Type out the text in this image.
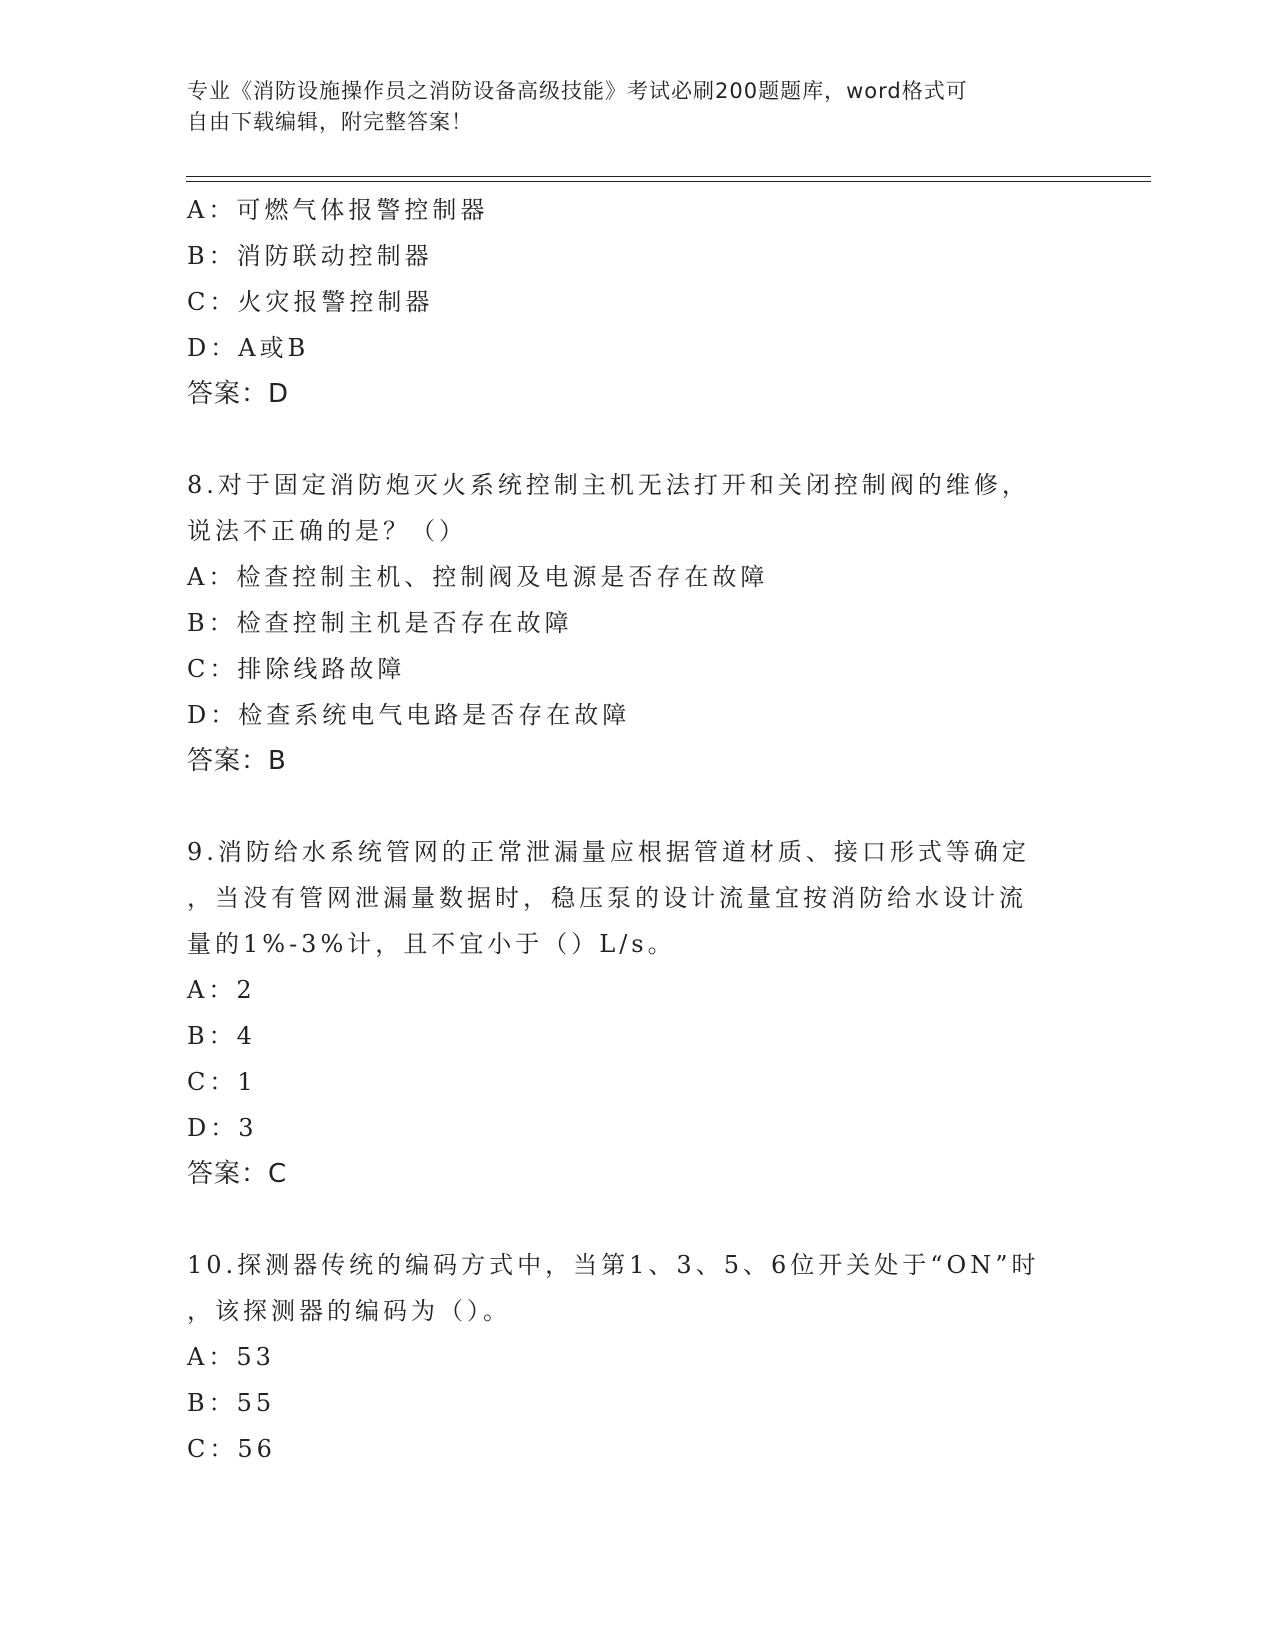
专业《消防设施操作员之消防设备高级技能》考试必刷200题题库，word格式可
自由下载编辑，附完整答案！
A：可燃气体报警控制器
B：消防联动控制器
C：火灾报警控制器
D：A或B
答案：D
8.对于固定消防炮灭火系统控制主机无法打开和关闭控制阀的维修，
说法不正确的是？（）
A：检查控制主机、控制阀及电源是否存在故障
B：检查控制主机是否存在故障
C：排除线路故障
D：检查系统电气电路是否存在故障
答案：B
9.消防给水系统管网的正常泄漏量应根据管道材质、接口形式等确定
，当没有管网泄漏量数据时，稳压泵的设计流量宜按消防给水设计流
量的1%-3%计，且不宜小于（）L/s。
A：2
B：4
C：1
D：3
答案：C
10.探测器传统的编码方式中，当第1、3、5、6位开关处于“ON”时
，该探测器的编码为（）。
A：53
B：55
C：56
